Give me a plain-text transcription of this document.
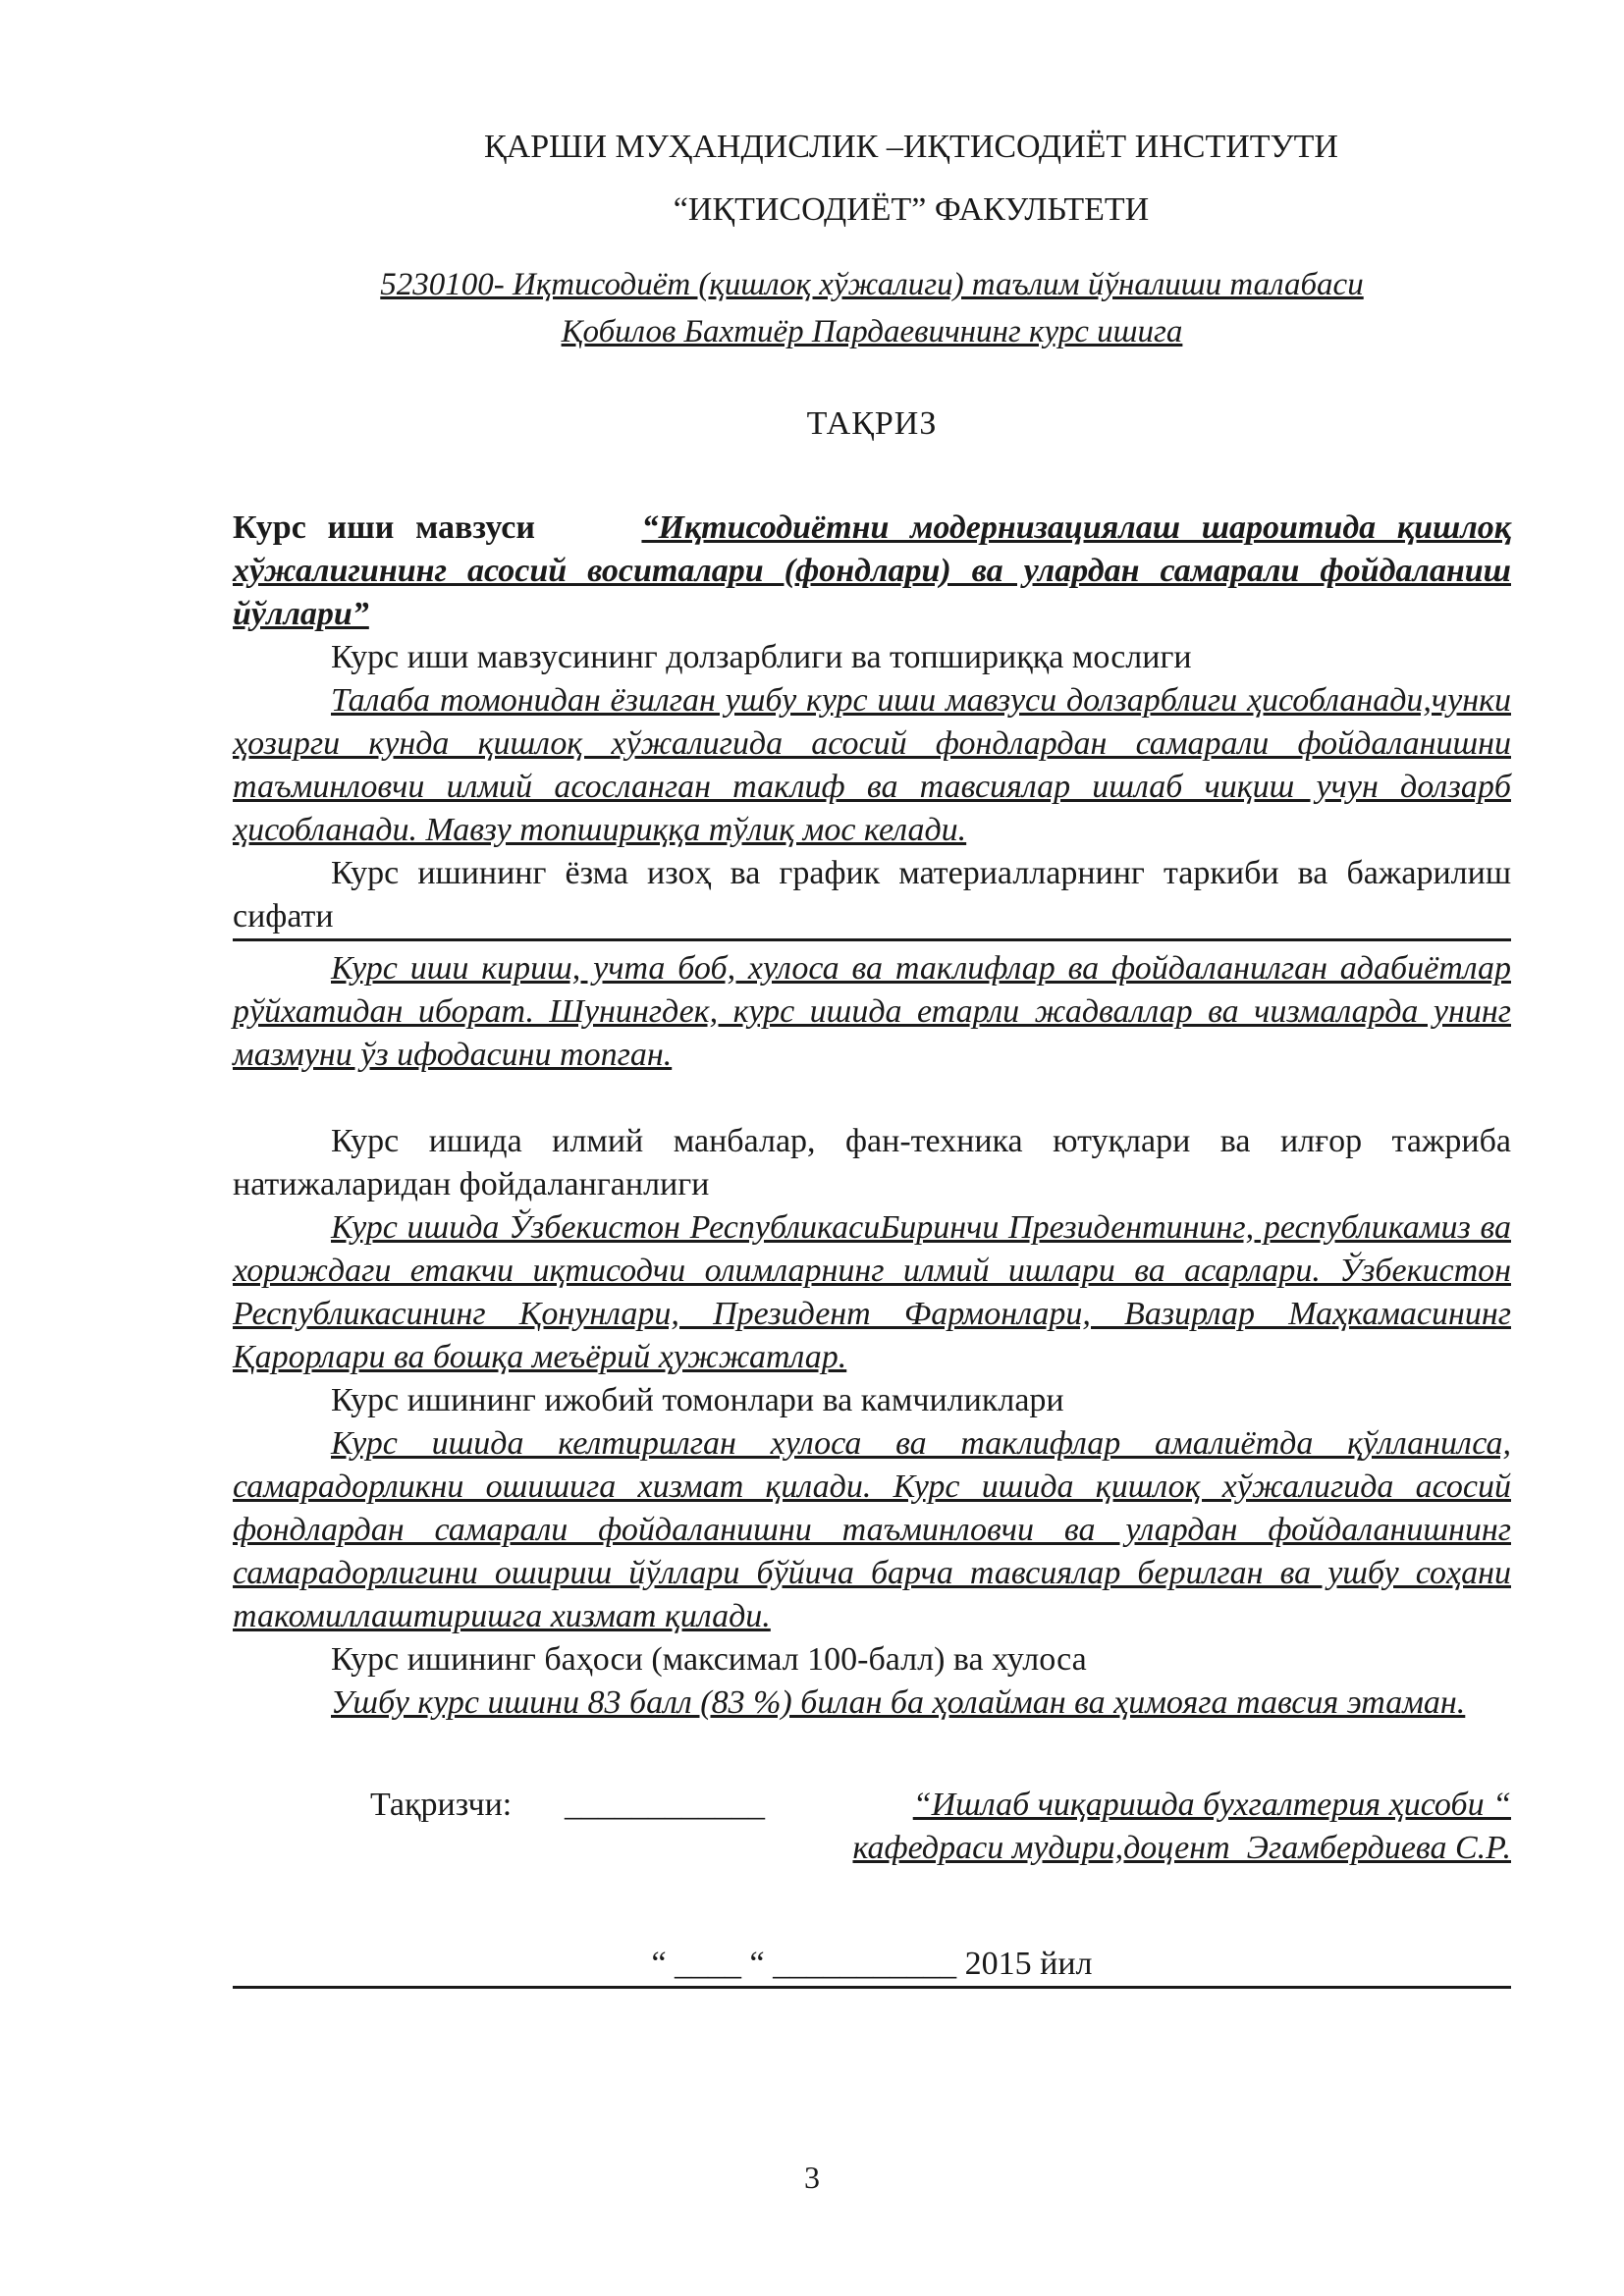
ҚАРШИ МУҲАНДИСЛИК –ИҚТИСОДИЁТ ИНСТИТУТИ
“ИҚТИСОДИЁТ” ФАКУЛЬТЕТИ
5230100- Иқтисодиёт (қишлоқ хўжалиги) таълим йўналиши талабаси
Қобилов Бахтиёр Пардаевичнинг курс ишига
ТАҚРИЗ
Курс иши мавзуси	“Иқтисодиётни модернизациялаш шароитида қишлоқ хўжалигининг асосий воситалари (фондлари) ва улардан самарали фойдаланиш йўллари”
Курс иши мавзусининг долзарблиги ва топшириққа мослиги
Талаба томонидан ёзилган ушбу курс иши мавзуси долзарблиги ҳисобланади,чунки ҳозирги кунда қишлоқ хўжалигида асосий фондлардан самарали фойдаланишни таъминловчи илмий асосланган таклиф ва тавсиялар ишлаб чиқиш учун долзарб ҳисобланади. Мавзу топшириққа тўлиқ мос келади.
Курс ишининг ёзма изоҳ ва график материалларнинг таркиби ва бажарилиш сифати
Курс иши кириш, учта боб, хулоса ва таклифлар ва фойдаланилган адабиётлар рўйхатидан иборат. Шунингдек, курс ишида етарли жадваллар ва чизмаларда унинг мазмуни ўз ифодасини топган.
Курс ишида илмий манбалар, фан-техника ютуқлари ва илғор тажриба натижаларидан фойдаланганлиги
Курс ишида Ўзбекистон РеспубликасиБиринчи Президентининг, республикамиз ва хориждаги етакчи иқтисодчи олимларнинг илмий ишлари ва асарлари. Ўзбекистон Республикасининг Қонунлари, Президент Фармонлари, Вазирлар Маҳкамасининг Қарорлари ва бошқа меъёрий ҳужжатлар.
Курс ишининг ижобий томонлари ва камчиликлари
Курс ишида келтирилган хулоса ва таклифлар амалиётда қўлланилса, самарадорликни ошишига хизмат қилади. Курс ишида қишлоқ хўжалигида асосий фондлардан самарали фойдаланишни таъминловчи ва улардан фойдаланишнинг самарадорлигини ошириш йўллари бўйича барча тавсиялар берилган ва ушбу соҳани такомиллаштиришга хизмат қилади.
Курс ишининг баҳоси (максимал 100-балл) ва хулоса
Ушбу курс ишини 83 балл (83 %) билан ба ҳолайман ва ҳимояга тавсия этаман.
Тақризчи: ____________	“Ишлаб чиқаришда бухгалтерия ҳисоби “
кафедраси мудири,доцент_Эгамбердиева С.Р.
“ ____ “ ___________ 2015 йил
3
